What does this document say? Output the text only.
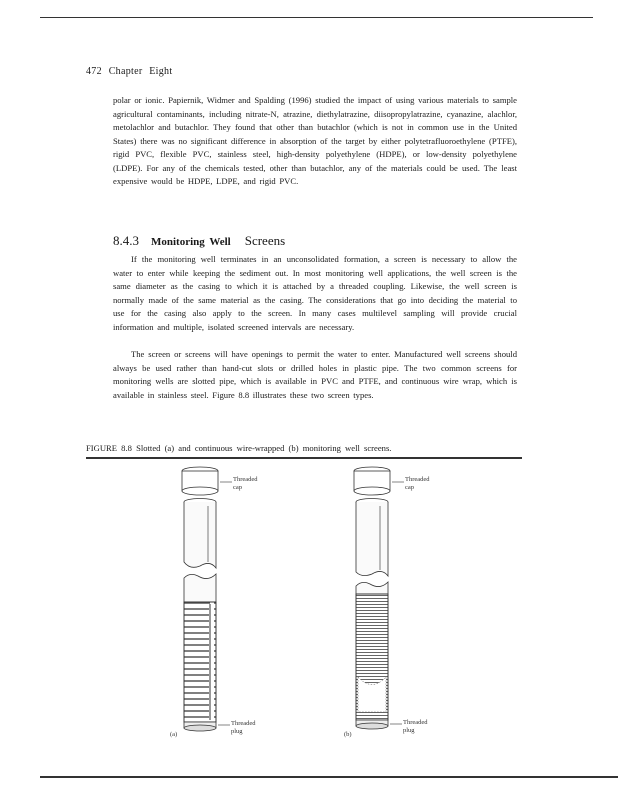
472 Chapter Eight

polar or ionic. Papiernik, Widmer and Spalding (1996) studied the impact of using various materials to sample agricultural contaminants, including nitrate-N, atrazine, diethylatrazine, diisopropylatrazine, cyanazine, alachlor, metolachlor and butachlor. They found that other than butachlor (which is not in common use in the United States) there was no significant difference in absorption of the target by either polytetrafluoroethylene (PTFE), rigid PVC, flexible PVC, stainless steel, high-density polyethylene (HDPE), or low-density polyethylene (LDPE). For any of the chemicals tested, other than butachlor, any of the materials could be used. The least expensive would be HDPE, LDPE, and rigid PVC.

8.4.3 Monitoring Well Screens

If the monitoring well terminates in an unconsolidated formation, a screen is necessary to allow the water to enter while keeping the sediment out. In most monitoring well applications, the well screen is the same diameter as the casing to which it is attached by a threaded coupling. Likewise, the well screen is normally made of the same material as the casing. The considerations that go into deciding the material to use for the casing also apply to the screen. In many cases multilevel sampling will provide crucial information and multiple, isolated screened intervals are necessary.

The screen or screens will have openings to permit the water to enter. Manufactured well screens should always be used rather than hand-cut slots or drilled holes in plastic pipe. The two common screens for monitoring wells are slotted pipe, which is available in PVC and PTFE, and continuous wire wrap, which is available in stainless steel. Figure 8.8 illustrates these two screen types.

FIGURE 8.8 Slotted (a) and continuous wire-wrapped (b) monitoring well screens.
Threaded
cap
Threaded
plug
(a)
Threaded
cap
Threaded
plug
(b)
